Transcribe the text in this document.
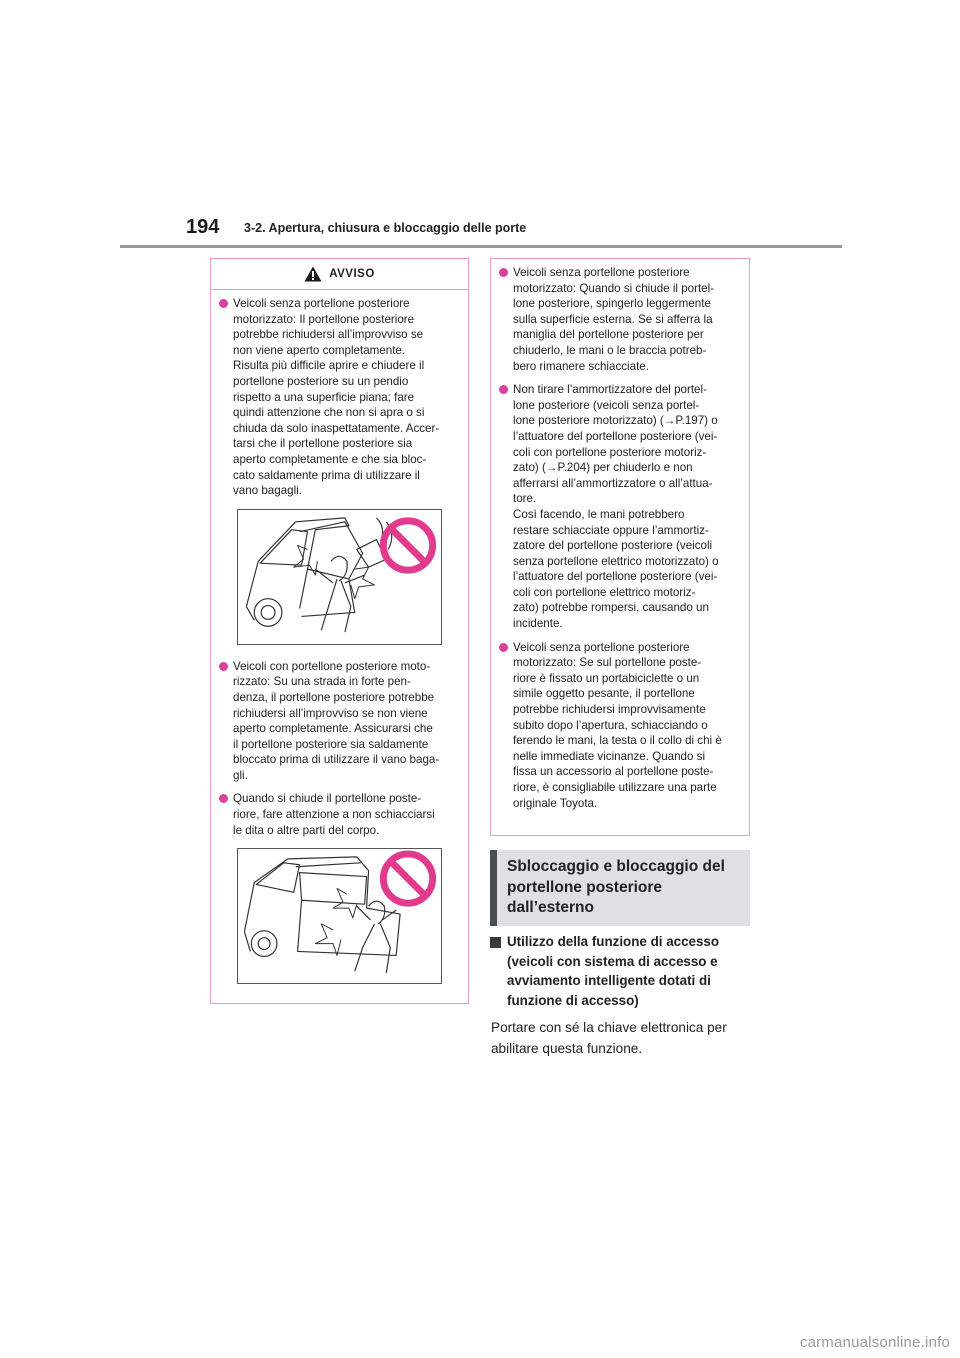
194 3-2. Apertura, chiusura e bloccaggio delle porte
AVVISO
Veicoli senza portellone posteriore
motorizzato: Il portellone posteriore
potrebbe richiudersi all’improvviso se
non viene aperto completamente.
Risulta più difficile aprire e chiudere il
portellone posteriore su un pendio
rispetto a una superficie piana; fare
quindi attenzione che non si apra o si
chiuda da solo inaspettatamente. Accer-
tarsi che il portellone posteriore sia
aperto completamente e che sia bloc-
cato saldamente prima di utilizzare il
vano bagagli.
Veicoli con portellone posteriore moto-
rizzato: Su una strada in forte pen-
denza, il portellone posteriore potrebbe
richiudersi all’improvviso se non viene
aperto completamente. Assicurarsi che
il portellone posteriore sia saldamente
bloccato prima di utilizzare il vano baga-
gli.
Quando si chiude il portellone poste-
riore, fare attenzione a non schiacciarsi
le dita o altre parti del corpo.
Veicoli senza portellone posteriore
motorizzato: Quando si chiude il portel-
lone posteriore, spingerlo leggermente
sulla superficie esterna. Se si afferra la
maniglia del portellone posteriore per
chiuderlo, le mani o le braccia potreb-
bero rimanere schiacciate.
Non tirare l’ammortizzatore del portel-
lone posteriore (veicoli senza portel-
lone posteriore motorizzato) (→P.197) o
l’attuatore del portellone posteriore (vei-
coli con portellone posteriore motoriz-
zato) (→P.204) per chiuderlo e non
afferrarsi all’ammortizzatore o all’attua-
tore.
Così facendo, le mani potrebbero
restare schiacciate oppure l’ammortiz-
zatore del portellone posteriore (veicoli
senza portellone elettrico motorizzato) o
l’attuatore del portellone posteriore (vei-
coli con portellone elettrico motoriz-
zato) potrebbe rompersi, causando un
incidente.
Veicoli senza portellone posteriore
motorizzato: Se sul portellone poste-
riore è fissato un portabiciclette o un
simile oggetto pesante, il portellone
potrebbe richiudersi improvvisamente
subito dopo l’apertura, schiacciando o
ferendo le mani, la testa o il collo di chi è
nelle immediate vicinanze. Quando si
fissa un accessorio al portellone poste-
riore, è consigliabile utilizzare una parte
originale Toyota.
Sbloccaggio e bloccaggio del
portellone posteriore
dall’esterno
Utilizzo della funzione di accesso
(veicoli con sistema di accesso e
avviamento intelligente dotati di
funzione di accesso)
Portare con sé la chiave elettronica per
abilitare questa funzione.
carmanualsonline.info
